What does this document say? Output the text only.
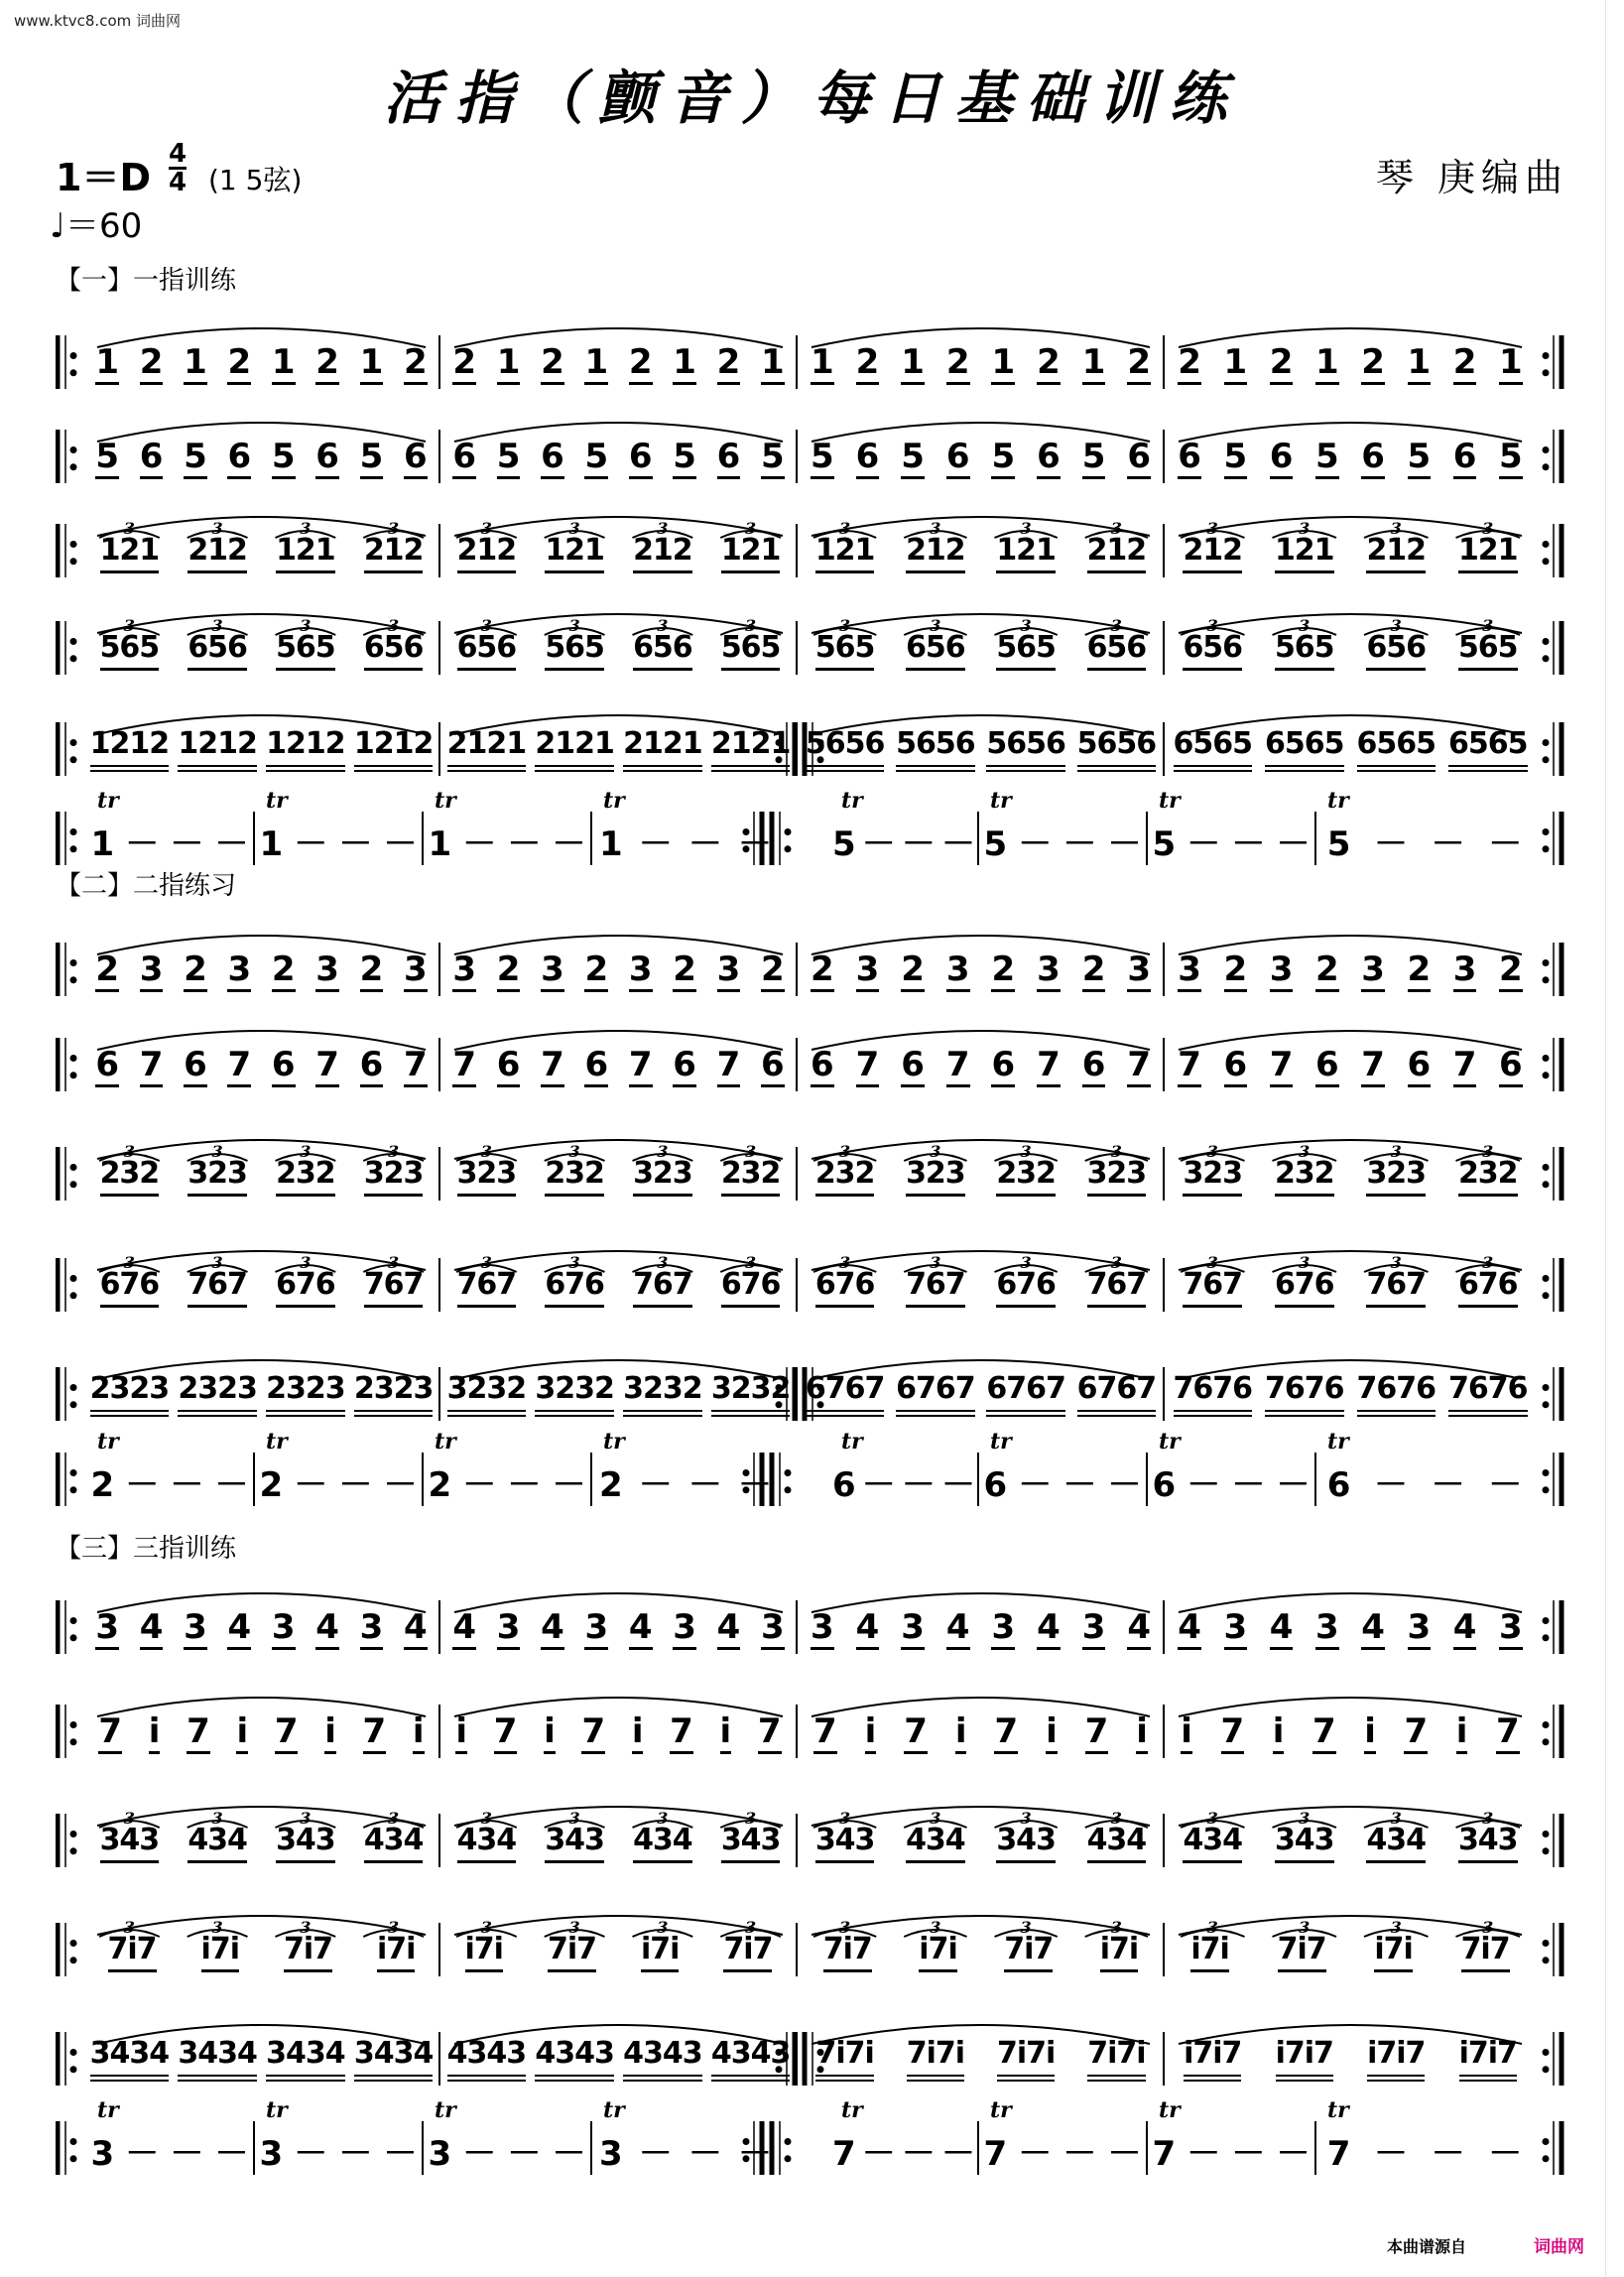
www.ktvc8.com 词曲网
活指（颤音）每日基础训练
1＝D
4
4 (1 5弦)
♩＝60
琴 庚编曲
【一】一指训练
1 2 1 2 1 2 1 2 2 1 2 1 2 1 2 1 1 2 1 2 1 2 1 2 2 1 2 1 2 1 2 1
5 6 5 6 5 6 5 6 6 5 6 5 6 5 6 5 5 6 5 6 5 6 5 6 6 5 6 5 6 5 6 5
3	3	3	3	3	3	3	3	3	3	3	3	3	3	3	3
121 212 121 212 212 121 212 121 121 212 121 212 212 121 212 121
3	3	3	3	3	3	3	3	3	3	3	3	3	3	3	3
565 656 565 656 656 565 656 565 565 656 565 656 656 565 656 565
1212 1212 1212 1212 2121 2121 2121 2121 5656 5656 5656 5656 6565 6565 6565 6565
1 － － －
tr
1 － － －
tr
1 － － －
tr
1 － － －
tr
5 － － －
tr
5 － － －
tr
5 － － －
tr
5 － － －
tr
【二】二指练习
2 3 2 3 2 3 2 3 3 2 3 2 3 2 3 2 2 3 2 3 2 3 2 3 3 2 3 2 3 2 3 2
6 7 6 7 6 7 6 7 7 6 7 6 7 6 7 6 6 7 6 7 6 7 6 7 7 6 7 6 7 6 7 6
3	3	3	3	3	3	3	3	3	3	3	3	3	3	3	3
232 323 232 323 323 232 323 232 232 323 232 323 323 232 323 232
3	3	3	3	3	3	3	3	3	3	3	3	3	3	3	3
676 767 676 767 767 676 767 676 676 767 676 767 767 676 767 676
2323 2323 2323 2323 3232 3232 3232 3232 6767 6767 6767 6767 7676 7676 7676 7676
2 － － －
tr
2 － － －
tr
2 － － －
tr
2 － － －
tr
6 － － －
tr
6 － － －
tr
6 － － －
tr
6 － － －
tr
【三】三指训练
3 4 3 4 3 4 3 4 4 3 4 3 4 3 4 3 3 4 3 4 3 4 3 4 4 3 4 3 4 3 4 3
7 i 7 i 7 i 7 i i 7 i 7 i 7 i 7 7 i 7 i 7 i 7 i i 7 i 7 i 7 i 7
3	3	3	3	3	3	3	3	3	3	3	3	3	3	3	3
343 434 343 434 434 343 434 343 343 434 343 434 434 343 434 343
3	3	3	3	3	3	3	3	3	3	3	3	3	3	3	3
7i7 i7i 7i7 i7i i7i 7i7 i7i 7i7 7i7 i7i 7i7 i7i i7i 7i7 i7i 7i7
3434 3434 3434 3434 4343 4343 4343 4343 7i7i 7i7i 7i7i 7i7i i7i7 i7i7 i7i7 i7i7
3 － － －
tr
3 － － －
tr
3 － － －
tr
3 － － －
tr
7 － － －
tr
7 － － －
tr
7 － － －
tr
7 － － －
tr
本曲谱源自	词曲网
